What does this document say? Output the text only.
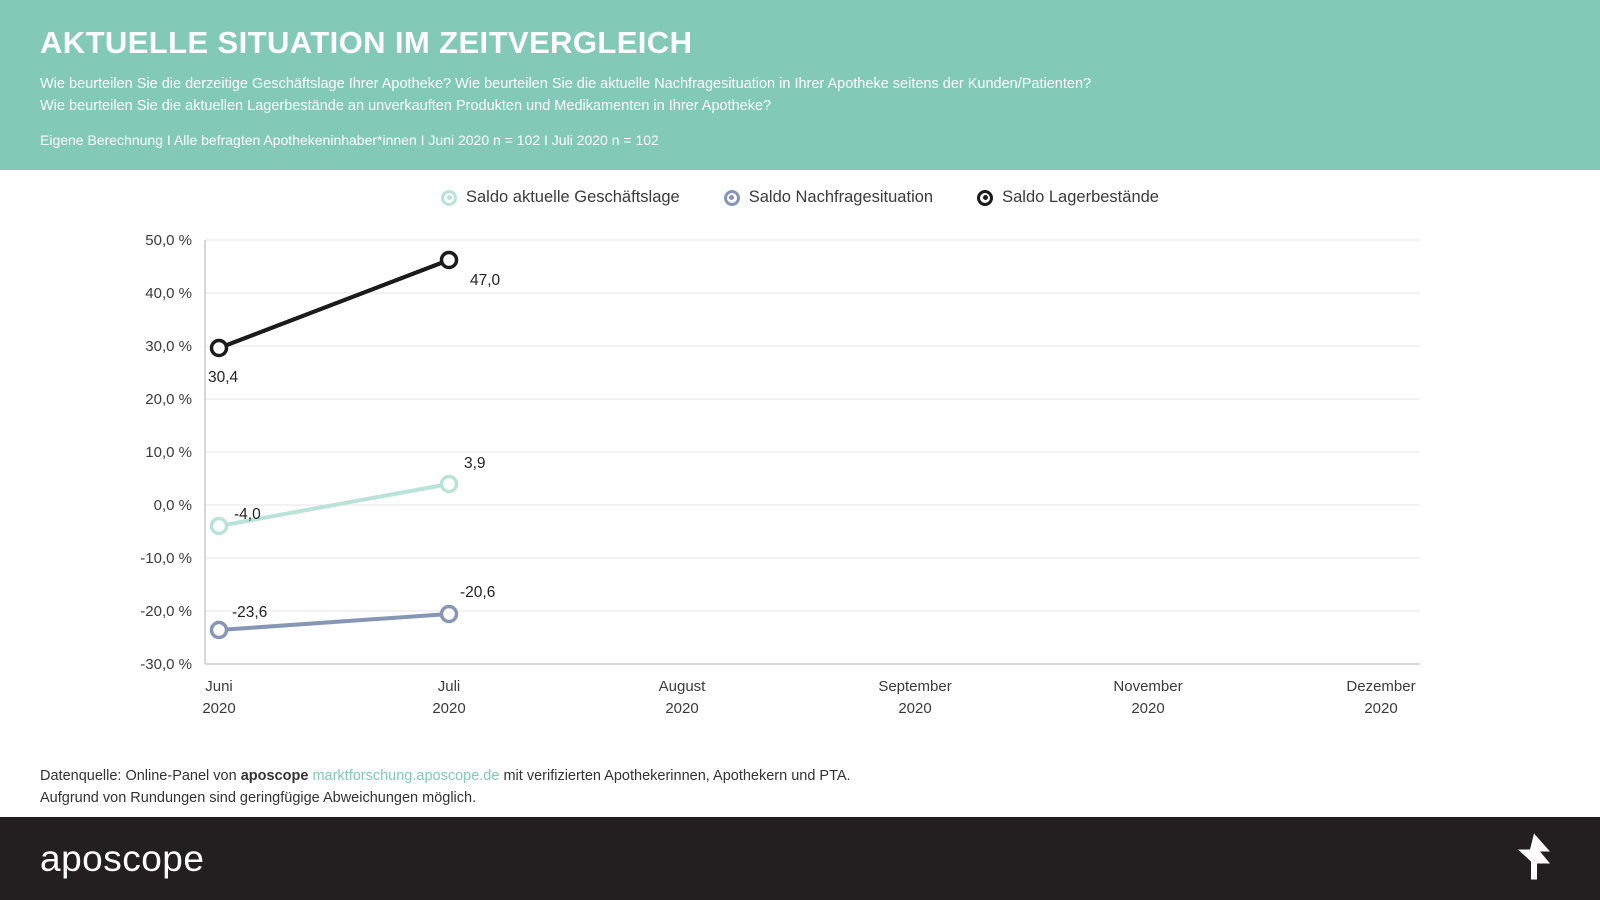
AKTUELLE SITUATION IM ZEITVERGLEICH
Wie beurteilen Sie die derzeitige Geschäftslage Ihrer Apotheke? Wie beurteilen Sie die aktuelle Nachfragesituation in Ihrer Apotheke seitens der Kunden/Patienten?
Wie beurteilen Sie die aktuellen Lagerbestände an unverkauften Produkten und Medikamenten in Ihrer Apotheke?
Eigene Berechnung I Alle befragten Apothekeninhaber*innen I Juni 2020 n = 102 I Juli 2020 n = 102
Saldo aktuelle Geschäftslage	Saldo Nachfragesituation	Saldo Lagerbestände
50,0 %
40,0 %
30,0 %
20,0 %
10,0 %
0,0 %
-10,0 %
-20,0 %
-30,0 %
Juni
2020
Juli
2020
August
2020
September
2020
November
2020
Dezember
2020
30,4
47,0
-4,0
3,9
-23,6
-20,6
Datenquelle: Online-Panel von aposcope marktforschung.aposcope.de mit verifizierten Apothekerinnen, Apothekern und PTA.
Aufgrund von Rundungen sind geringfügige Abweichungen möglich.
aposcope
